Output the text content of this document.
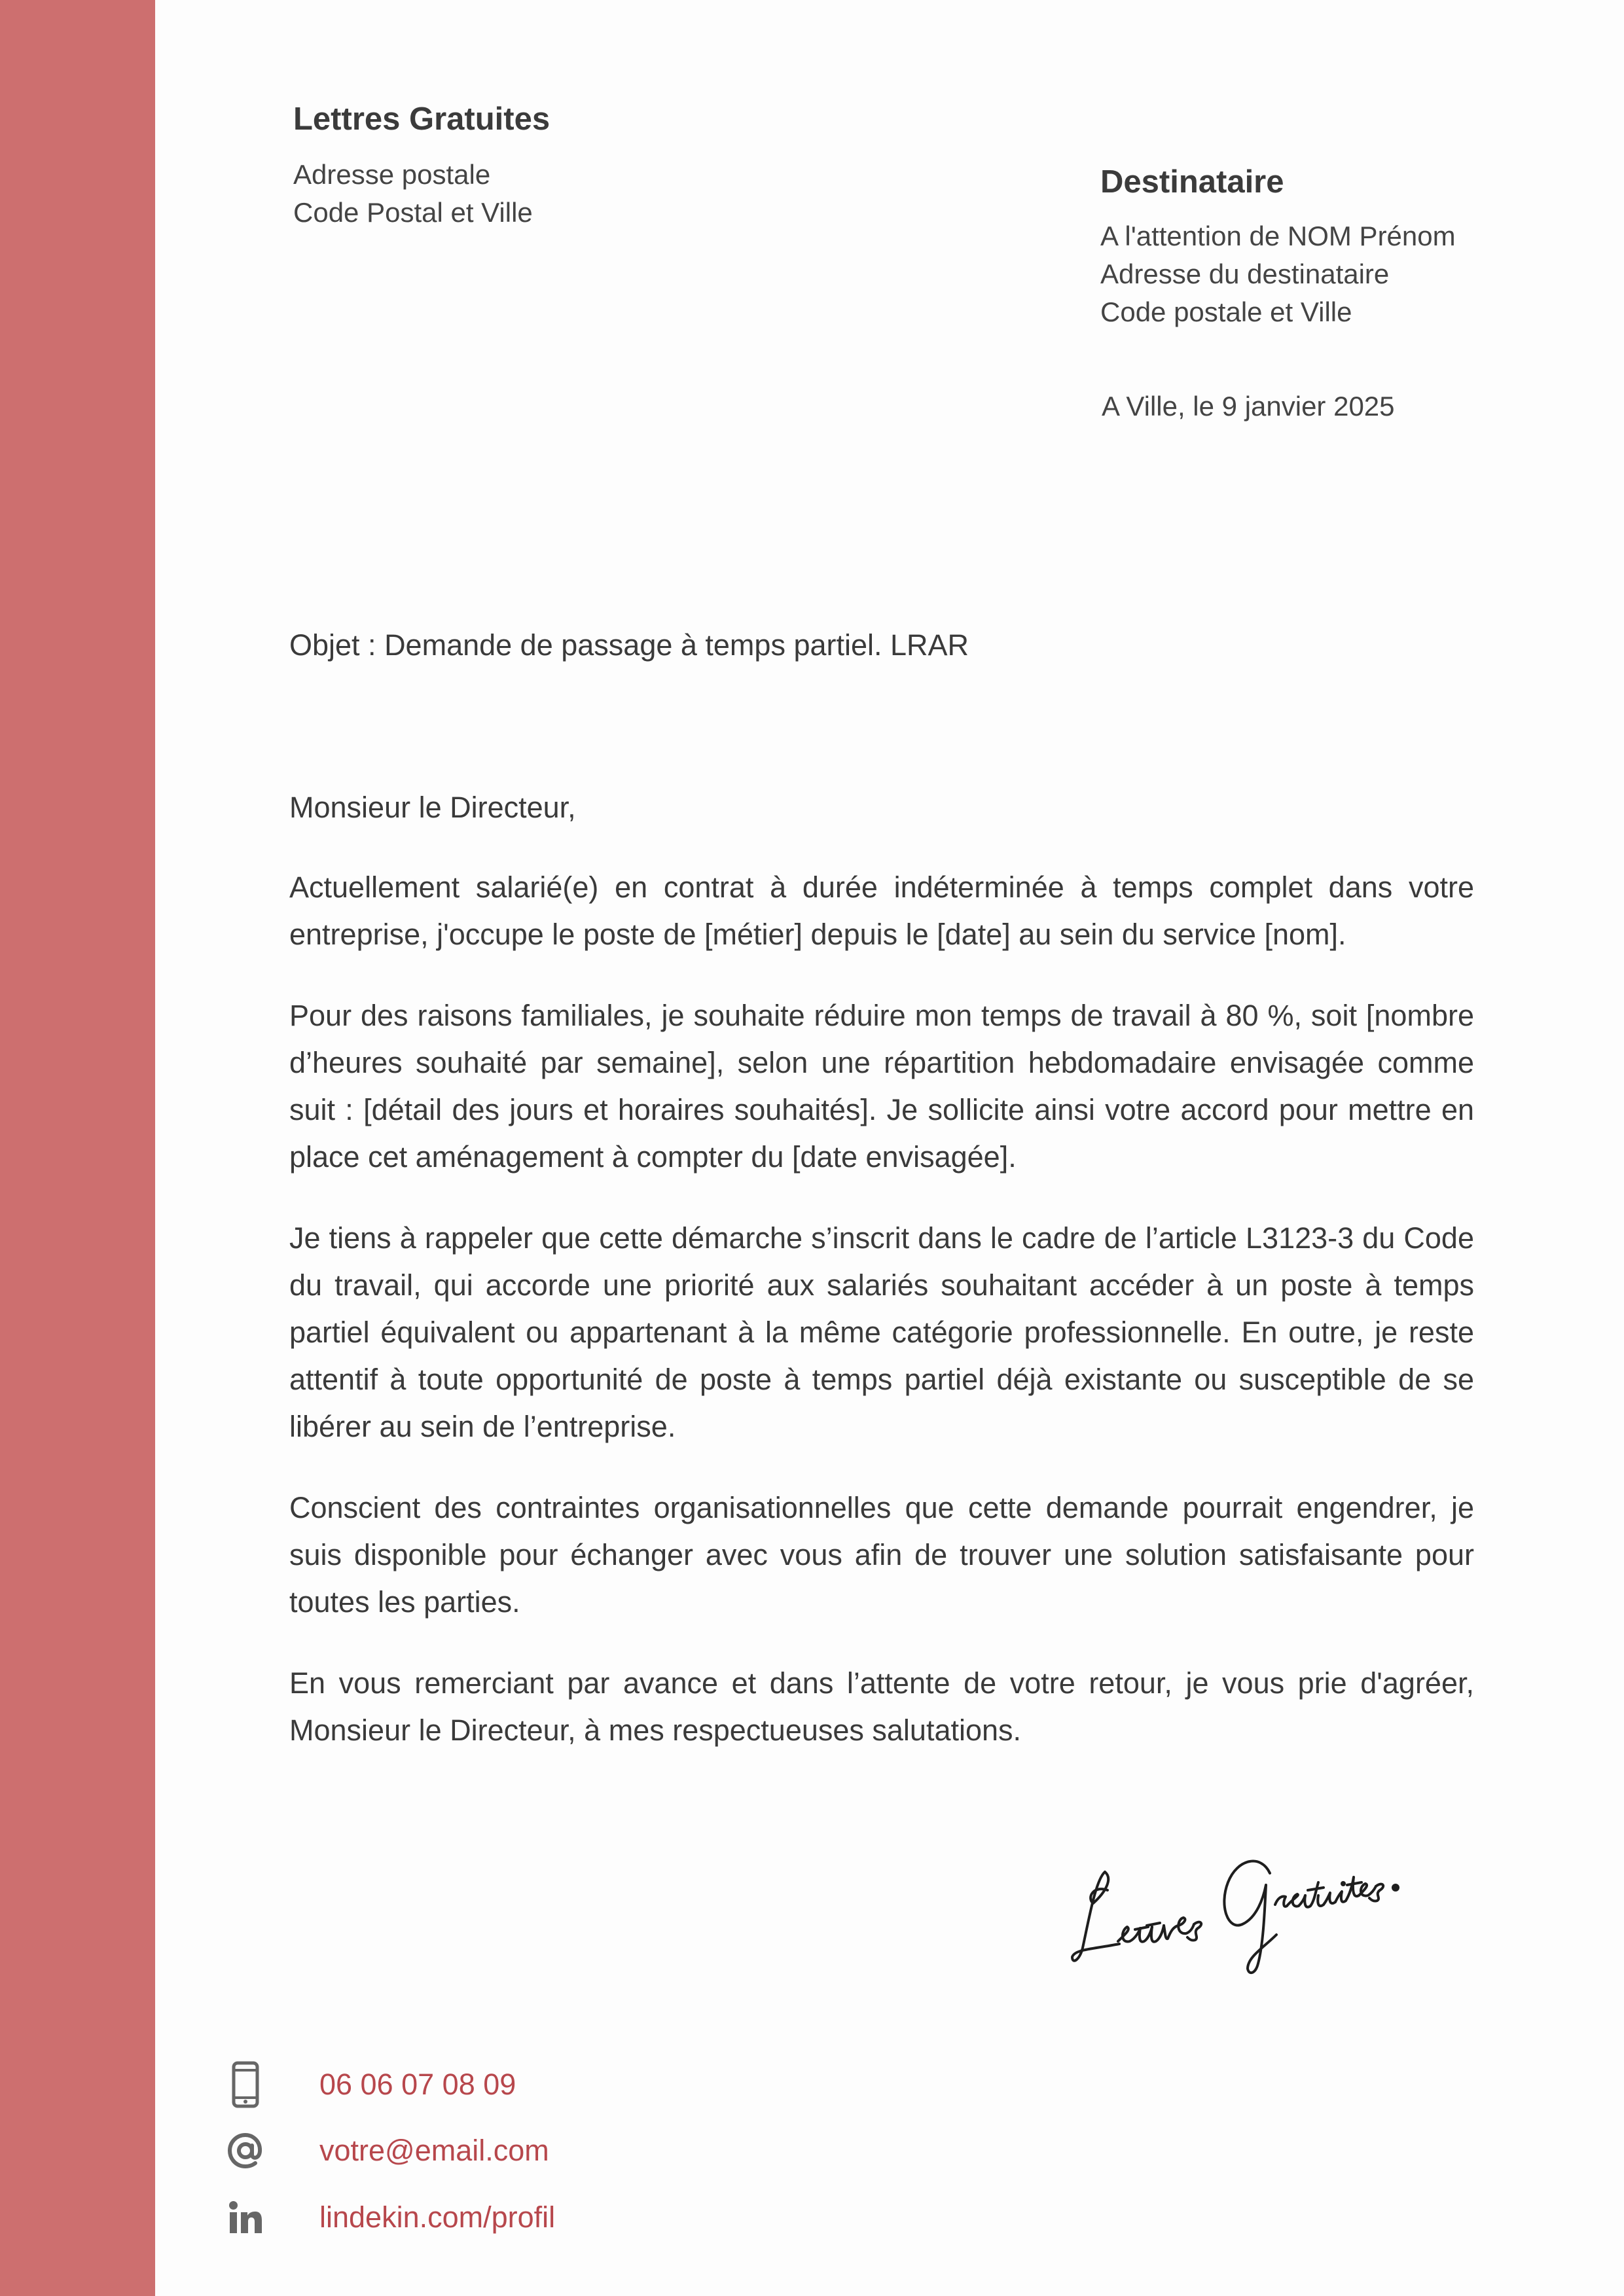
Lettres Gratuites
Adresse postale
Code Postal et Ville
Destinataire
A l'attention de NOM Prénom
Adresse du destinataire
Code postale et Ville
A Ville, le 9 janvier 2025
Objet : Demande de passage à temps partiel. LRAR

Monsieur le Directeur,

Actuellement salarié(e) en contrat à durée indéterminée à temps complet dans votre entreprise, j'occupe le poste de [métier] depuis le [date] au sein du service [nom].

Pour des raisons familiales, je souhaite réduire mon temps de travail à 80 %, soit [nombre d’heures souhaité par semaine], selon une répartition hebdomadaire envisagée comme suit : [détail des jours et horaires souhaités]. Je sollicite ainsi votre accord pour mettre en place cet aménagement à compter du [date envisagée].

Je tiens à rappeler que cette démarche s’inscrit dans le cadre de l’article L3123-3 du Code du travail, qui accorde une priorité aux salariés souhaitant accéder à un poste à temps partiel équivalent ou appartenant à la même catégorie professionnelle. En outre, je reste attentif à toute opportunité de poste à temps partiel déjà existante ou susceptible de se libérer au sein de l’entreprise.

Conscient des contraintes organisationnelles que cette demande pourrait engendrer, je suis disponible pour échanger avec vous afin de trouver une solution satisfaisante pour toutes les parties.

En vous remerciant par avance et dans l’attente de votre retour, je vous prie d'agréer, Monsieur le Directeur, à mes respectueuses salutations.

06 06 07 08 09
votre@email.com
lindekin.com/profil
